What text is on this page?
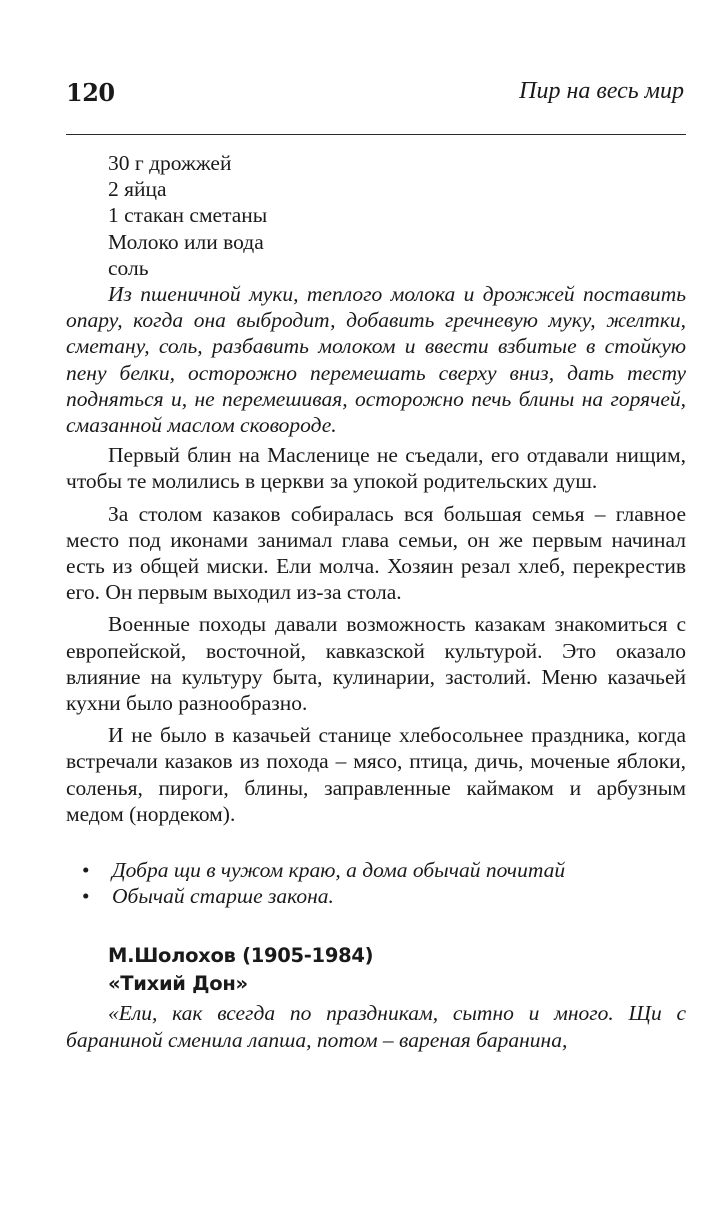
120	Пир на весь мир
30 г дрожжей
2 яйца
1 стакан сметаны
Молоко или вода
соль

Из пшеничной муки, теплого молока и дрожжей поставить опару, когда она выбродит, добавить гречневую муку, желтки, сметану, соль, разбавить молоком и ввести взбитые в стойкую пену белки, осторожно перемешать сверху вниз, дать тесту подняться и, не перемешивая, осторожно печь блины на горячей, смазанной маслом сковороде.

Первый блин на Масленице не съедали, его отдавали нищим, чтобы те молились в церкви за упокой родительских душ.

За столом казаков собиралась вся большая семья – главное место под иконами занимал глава семьи, он же первым начинал есть из общей миски. Ели молча. Хозяин резал хлеб, перекрестив его. Он первым выходил из-за стола.

Военные походы давали возможность казакам знакомиться с европейской, восточной, кавказской культурой. Это оказало влияние на культуру быта, кулинарии, застолий. Меню казачьей кухни было разнообразно.

И не было в казачьей станице хлебосольнее праздника, когда встречали казаков из похода – мясо, птица, дичь, моченые яблоки, соленья, пироги, блины, заправленные каймаком и арбузным медом (нордеком).

• Добра щи в чужом краю, а дома обычай почитай
• Обычай старше закона.
М.Шолохов (1905-1984)
«Тихий Дон»

«Ели, как всегда по праздникам, сытно и много. Щи с бараниной сменила лапша, потом – вареная баранина,
